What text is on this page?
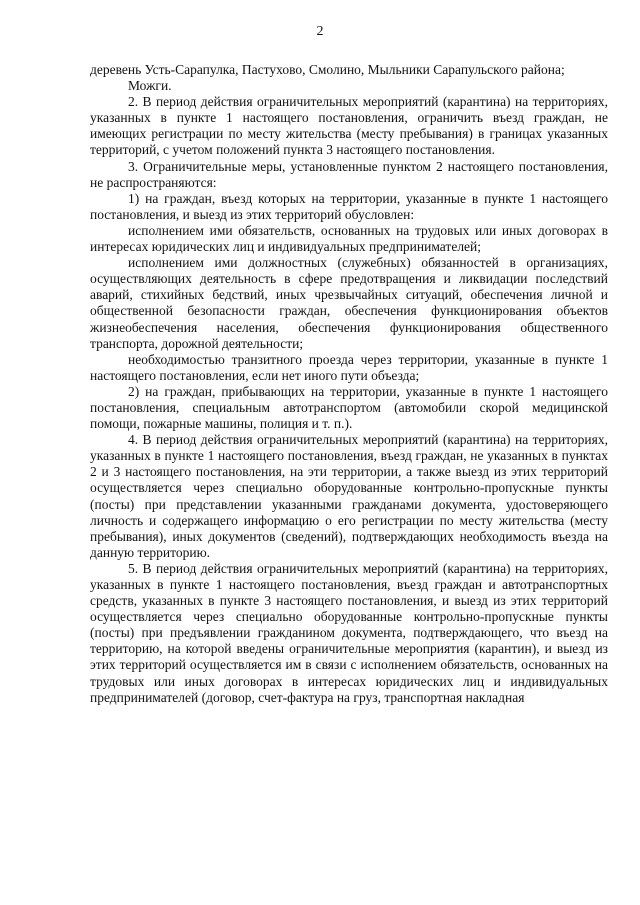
2

деревень Усть-Сарапулка, Пастухово, Смолино, Мыльники Сарапульского района;

Можги.

2. В период действия ограничительных мероприятий (карантина) на территориях, указанных в пункте 1 настоящего постановления, ограничить въезд граждан, не имеющих регистрации по месту жительства (месту пребывания) в границах указанных территорий, с учетом положений пункта 3 настоящего постановления.

3. Ограничительные меры, установленные пунктом 2 настоящего постановления, не распространяются:

1) на граждан, въезд которых на территории, указанные в пункте 1 настоящего постановления, и выезд из этих территорий обусловлен:

исполнением ими обязательств, основанных на трудовых или иных договорах в интересах юридических лиц и индивидуальных предпринимателей;

исполнением ими должностных (служебных) обязанностей в организациях, осуществляющих деятельность в сфере предотвращения и ликвидации последствий аварий, стихийных бедствий, иных чрезвычайных ситуаций, обеспечения личной и общественной безопасности граждан, обеспечения функционирования объектов жизнеобеспечения населения, обеспечения функционирования общественного транспорта, дорожной деятельности;

необходимостью транзитного проезда через территории, указанные в пункте 1 настоящего постановления, если нет иного пути объезда;

2) на граждан, прибывающих на территории, указанные в пункте 1 настоящего постановления, специальным автотранспортом (автомобили скорой медицинской помощи, пожарные машины, полиция и т. п.).

4. В период действия ограничительных мероприятий (карантина) на территориях, указанных в пункте 1 настоящего постановления, въезд граждан, не указанных в пунктах 2 и 3 настоящего постановления, на эти территории, а также выезд из этих территорий осуществляется через специально оборудованные контрольно-пропускные пункты (посты) при представлении указанными гражданами документа, удостоверяющего личность и содержащего информацию о его регистрации по месту жительства (месту пребывания), иных документов (сведений), подтверждающих необходимость въезда на данную территорию.

5. В период действия ограничительных мероприятий (карантина) на территориях, указанных в пункте 1 настоящего постановления, въезд граждан и автотранспортных средств, указанных в пункте 3 настоящего постановления, и выезд из этих территорий осуществляется через специально оборудованные контрольно-пропускные пункты (посты) при предъявлении гражданином документа, подтверждающего, что въезд на территорию, на которой введены ограничительные мероприятия (карантин), и выезд из этих территорий осуществляется им в связи с исполнением обязательств, основанных на трудовых или иных договорах в интересах юридических лиц и индивидуальных предпринимателей (договор, счет-фактура на груз, транспортная накладная
